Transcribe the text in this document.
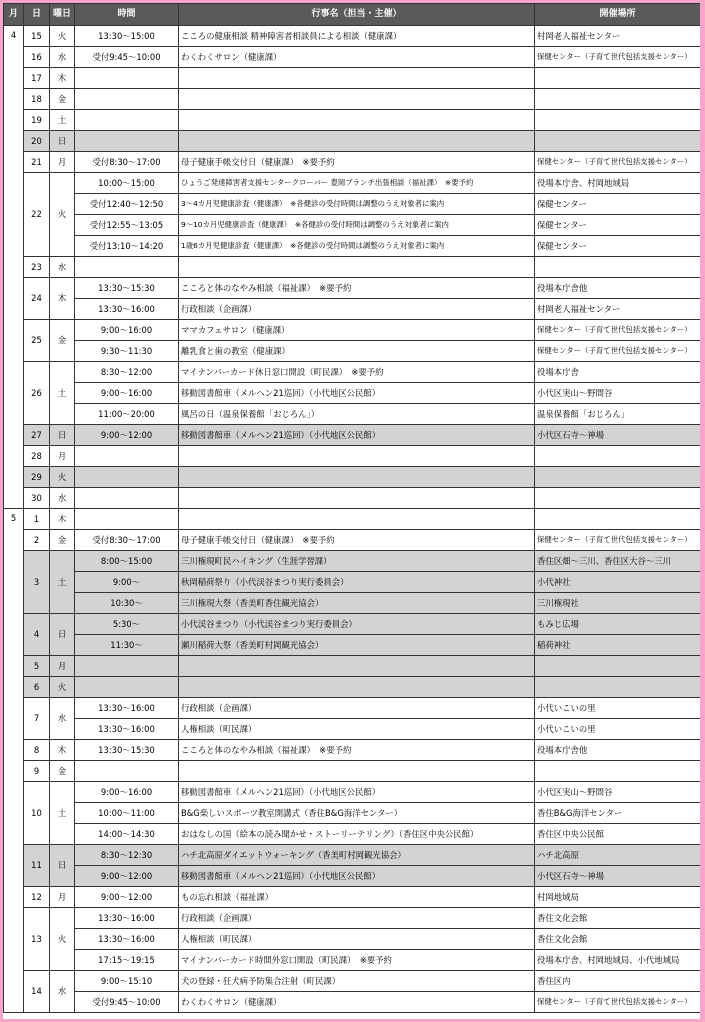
月	日	曜日	時間	行事名（担当・主催）	開催場所
4	15	火	13:30～15:00	こころの健康相談 精神障害者相談員による相談（健康課）	村岡老人福祉センター
	16	水	受付9:45～10:00	わくわくサロン（健康課）	保健センター（子育て世代包括支援センター）
	17	木			
	18	金			
	19	土			
	20	日			
	21	月	受付8:30～17:00	母子健康手帳交付日（健康課）　※要予約	保健センター（子育て世代包括支援センター）
	22	火	10:00～15:00	ひょうご発達障害者支援センタークローバー 豊岡ブランチ出張相談（福祉課）　※要予約	役場本庁舎、村岡地域局
			受付12:40～12:50	3～4カ月児健康診査（健康課）　※各健診の受付時間は調整のうえ対象者に案内	保健センター
			受付12:55～13:05	9～10カ月児健康診査（健康課）　※各健診の受付時間は調整のうえ対象者に案内	保健センター
			受付13:10～14:20	1歳6カ月児健康診査（健康課）　※各健診の受付時間は調整のうえ対象者に案内	保健センター
	23	水			
	24	木	13:30～15:30	こころと体のなやみ相談（福祉課）　※要予約	役場本庁舎他
			13:30～16:00	行政相談（企画課）	村岡老人福祉センター
	25	金	9:00～16:00	ママカフェサロン（健康課）	保健センター（子育て世代包括支援センター）
			9:30～11:30	離乳食と歯の教室（健康課）	保健センター（子育て世代包括支援センター）
	26	土	8:30～12:00	マイナンバーカード休日窓口開設（町民課）　※要予約	役場本庁舎
			9:00～16:00	移動図書館車（メルヘン21巡回）（小代地区公民館）	小代区実山～野間谷
			11:00～20:00	風呂の日（温泉保養館「おじろん」）	温泉保養館「おじろん」
	27	日	9:00～12:00	移動図書館車（メルヘン21巡回）（小代地区公民館）	小代区石寺～神場
	28	月			
	29	火			
	30	水			
5	1	木			
	2	金	受付8:30～17:00	母子健康手帳交付日（健康課）　※要予約	保健センター（子育て世代包括支援センター）
	3	土	8:00～15:00	三川権現町民ハイキング（生涯学習課）	香住区畑～三川、香住区大谷～三川
			9:00～	秋岡稲荷祭り（小代渓谷まつり実行委員会）	小代神社
			10:30～	三川権現大祭（香美町香住観光協会）	三川権現社
	4	日	5:30～	小代渓谷まつり（小代渓谷まつり実行委員会）	もみじ広場
			11:30～	瀬川稲荷大祭（香美町村岡観光協会）	稲荷神社
	5	月			
	6	火			
	7	水	13:30～16:00	行政相談（企画課）	小代いこいの里
			13:30～16:00	人権相談（町民課）	小代いこいの里
	8	木	13:30～15:30	こころと体のなやみ相談（福祉課）　※要予約	役場本庁舎他
	9	金			
	10	土	9:00～16:00	移動図書館車（メルヘン21巡回）（小代地区公民館）	小代区実山～野間谷
			10:00～11:00	B&G楽しいスポーツ教室開講式（香住B&G海洋センター）	香住B&G海洋センター
			14:00～14:30	おはなしの国（絵本の読み聞かせ・ストーリーテリング）（香住区中央公民館）	香住区中央公民館
	11	日	8:30～12:30	ハチ北高原ダイエットウォーキング（香美町村岡観光協会）	ハチ北高原
			9:00～12:00	移動図書館車（メルヘン21巡回）（小代地区公民館）	小代区石寺～神場
	12	月	9:00～12:00	もの忘れ相談（福祉課）	村岡地域局
	13	火	13:30～16:00	行政相談（企画課）	香住文化会館
			13:30～16:00	人権相談（町民課）	香住文化会館
			17:15～19:15	マイナンバーカード時間外窓口開設（町民課）　※要予約	役場本庁舎、村岡地域局、小代地域局
	14	水	9:00～15:10	犬の登録・狂犬病予防集合注射（町民課）	香住区内
			受付9:45～10:00	わくわくサロン（健康課）	保健センター（子育て世代包括支援センター）
